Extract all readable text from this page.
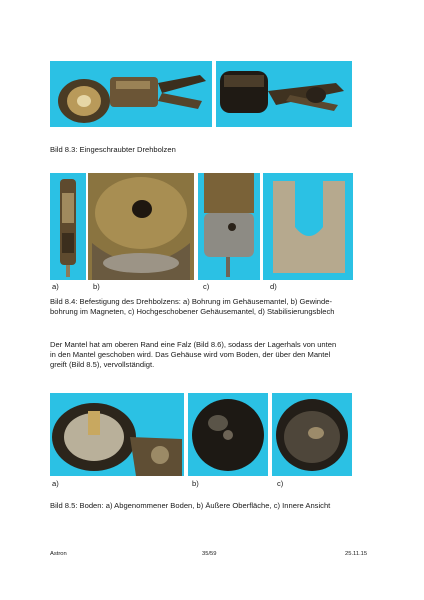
Bild 8.3: Eingeschraubter Drehbolzen
a)	b)	c)	d)
Bild 8.4: Befestigung des Drehbolzens: a) Bohrung im Gehäusemantel, b) Gewinde-
bohrung im Magneten, c) Hochgeschobener Gehäusemantel, d) Stabilisierungsblech
Der Mantel hat am oberen Rand eine Falz (Bild 8.6), sodass der Lagerhals von unten
in den Mantel geschoben wird. Das Gehäuse wird vom Boden, der über den Mantel
greift (Bild 8.5), vervollständigt.
a)	b)	c)
Bild 8.5: Boden: a) Abgenommener Boden, b) Äußere Oberfläche, c) Innere Ansicht
Astron	35/59	25.11.15
